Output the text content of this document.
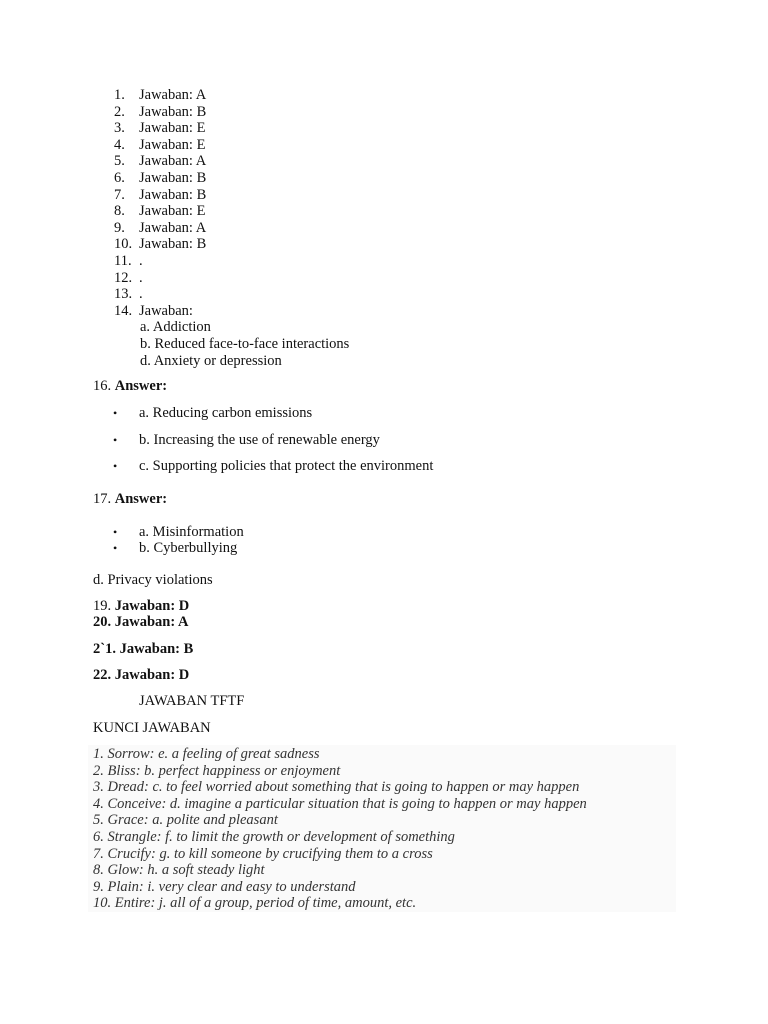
1. Jawaban: A
2. Jawaban: B
3. Jawaban: E
4. Jawaban: E
5. Jawaban: A
6. Jawaban: B
7. Jawaban: B
8. Jawaban: E
9. Jawaban: A
10. Jawaban: B
11. .
12. .
13. .
14. Jawaban:
a. Addiction
b. Reduced face-to-face interactions
d. Anxiety or depression
16. Answer:
• a. Reducing carbon emissions
• b. Increasing the use of renewable energy
• c. Supporting policies that protect the environment
17. Answer:
• a. Misinformation
• b. Cyberbullying
d. Privacy violations
19. Jawaban: D
20. Jawaban: A
2`1. Jawaban: B
22. Jawaban: D
JAWABAN TFTF
KUNCI JAWABAN
1. Sorrow: e. a feeling of great sadness
2. Bliss: b. perfect happiness or enjoyment
3. Dread: c. to feel worried about something that is going to happen or may happen
4. Conceive: d. imagine a particular situation that is going to happen or may happen
5. Grace: a. polite and pleasant
6. Strangle: f. to limit the growth or development of something
7. Crucify: g. to kill someone by crucifying them to a cross
8. Glow: h. a soft steady light
9. Plain: i. very clear and easy to understand
10. Entire: j. all of a group, period of time, amount, etc.
